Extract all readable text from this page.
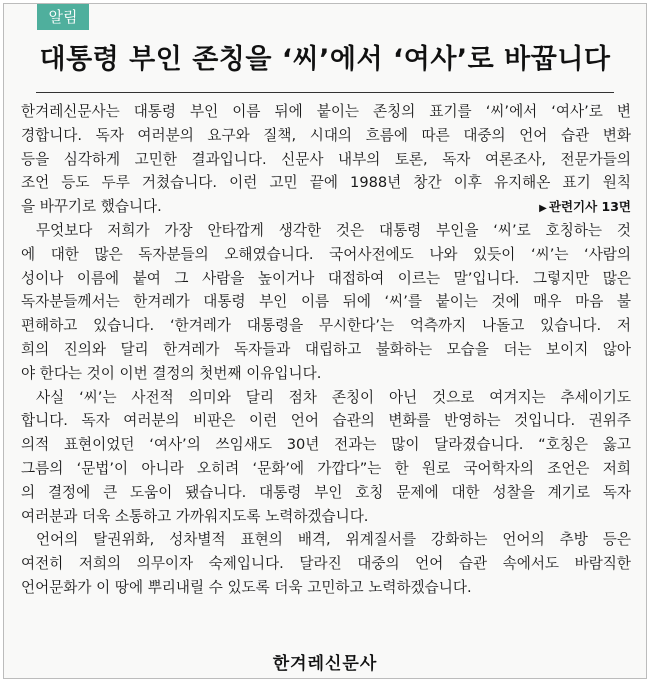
알림
대통령 부인 존칭을 ‘씨’에서 ‘여사’로 바꿉니다
한겨레신문사는 대통령 부인 이름 뒤에 붙이는 존칭의 표기를 ‘씨’에서 ‘여사’로 변
경합니다. 독자 여러분의 요구와 질책, 시대의 흐름에 따른 대중의 언어 습관 변화
등을 심각하게 고민한 결과입니다. 신문사 내부의 토론, 독자 여론조사, 전문가들의
조언 등도 두루 거쳤습니다. 이런 고민 끝에 1988년 창간 이후 유지해온 표기 원칙
을 바꾸기로 했습니다.	▶ 관련기사 13면
무엇보다 저희가 가장 안타깝게 생각한 것은 대통령 부인을 ‘씨’로 호칭하는 것
에 대한 많은 독자분들의 오해였습니다. 국어사전에도 나와 있듯이 ‘씨’는 ‘사람의
성이나 이름에 붙여 그 사람을 높이거나 대접하여 이르는 말’입니다. 그렇지만 많은
독자분들께서는 한겨레가 대통령 부인 이름 뒤에 ‘씨’를 붙이는 것에 매우 마음 불
편해하고 있습니다. ‘한겨레가 대통령을 무시한다’는 억측까지 나돌고 있습니다. 저
희의 진의와 달리 한겨레가 독자들과 대립하고 불화하는 모습을 더는 보이지 않아
야 한다는 것이 이번 결정의 첫번째 이유입니다.
사실 ‘씨’는 사전적 의미와 달리 점차 존칭이 아닌 것으로 여겨지는 추세이기도
합니다. 독자 여러분의 비판은 이런 언어 습관의 변화를 반영하는 것입니다. 권위주
의적 표현이었던 ‘여사’의 쓰임새도 30년 전과는 많이 달라졌습니다. “호칭은 옳고
그름의 ‘문법’이 아니라 오히려 ‘문화’에 가깝다”는 한 원로 국어학자의 조언은 저희
의 결정에 큰 도움이 됐습니다. 대통령 부인 호칭 문제에 대한 성찰을 계기로 독자
여러분과 더욱 소통하고 가까워지도록 노력하겠습니다.
언어의 탈권위화, 성차별적 표현의 배격, 위계질서를 강화하는 언어의 추방 등은
여전히 저희의 의무이자 숙제입니다. 달라진 대중의 언어 습관 속에서도 바람직한
언어문화가 이 땅에 뿌리내릴 수 있도록 더욱 고민하고 노력하겠습니다.
한겨레신문사
